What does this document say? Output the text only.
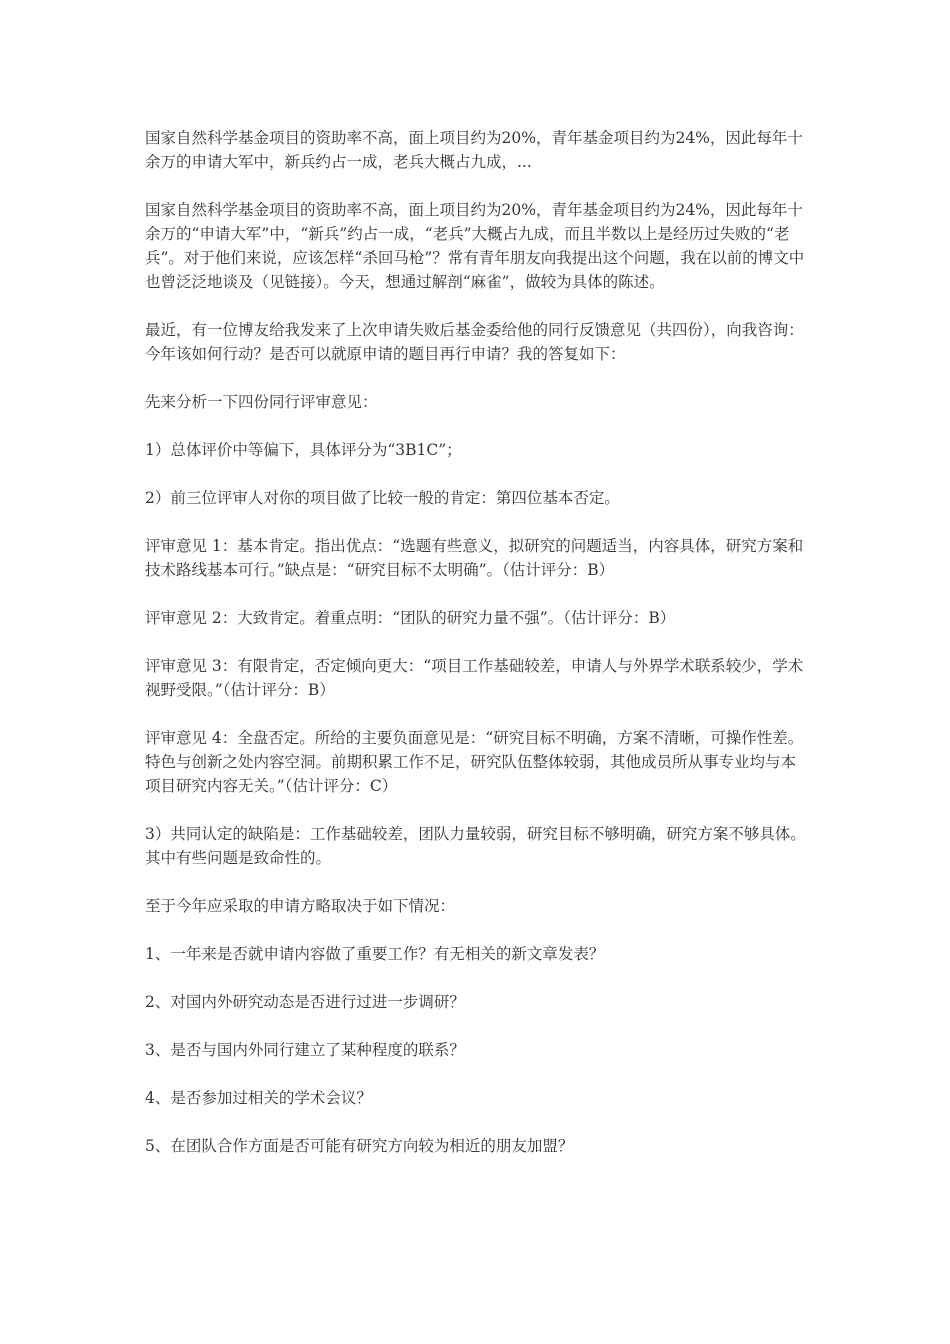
国家自然科学基金项目的资助率不高，面上项目约为20%，青年基金项目约为24%，因此每年十余万的申请大军中，新兵约占一成，老兵大概占九成，...

国家自然科学基金项目的资助率不高，面上项目约为20%，青年基金项目约为24%，因此每年十余万的“申请大军”中，“新兵”约占一成，“老兵”大概占九成，而且半数以上是经历过失败的“老兵”。对于他们来说，应该怎样“杀回马枪”？常有青年朋友向我提出这个问题，我在以前的博文中也曾泛泛地谈及（见链接）。今天，想通过解剖“麻雀”，做较为具体的陈述。

最近，有一位博友给我发来了上次申请失败后基金委给他的同行反馈意见（共四份），向我咨询：今年该如何行动？是否可以就原申请的题目再行申请？我的答复如下：

先来分析一下四份同行评审意见：

1）总体评价中等偏下，具体评分为“3B1C”；

2）前三位评审人对你的项目做了比较一般的肯定：第四位基本否定。

评审意见 1：基本肯定。指出优点：“选题有些意义，拟研究的问题适当，内容具体，研究方案和技术路线基本可行。”缺点是：“研究目标不太明确”。（估计评分：B）

评审意见 2：大致肯定。着重点明：“团队的研究力量不强”。（估计评分：B）

评审意见 3：有限肯定，否定倾向更大：“项目工作基础较差，申请人与外界学术联系较少，学术视野受限。”（估计评分：B）

评审意见 4：全盘否定。所给的主要负面意见是：“研究目标不明确，方案不清晰，可操作性差。特色与创新之处内容空洞。前期积累工作不足，研究队伍整体较弱，其他成员所从事专业均与本项目研究内容无关。”（估计评分：C）

3）共同认定的缺陷是：工作基础较差，团队力量较弱，研究目标不够明确，研究方案不够具体。其中有些问题是致命性的。

至于今年应采取的申请方略取决于如下情况：

1、一年来是否就申请内容做了重要工作？有无相关的新文章发表？

2、对国内外研究动态是否进行过进一步调研？

3、是否与国内外同行建立了某种程度的联系？

4、是否参加过相关的学术会议？

5、在团队合作方面是否可能有研究方向较为相近的朋友加盟？
